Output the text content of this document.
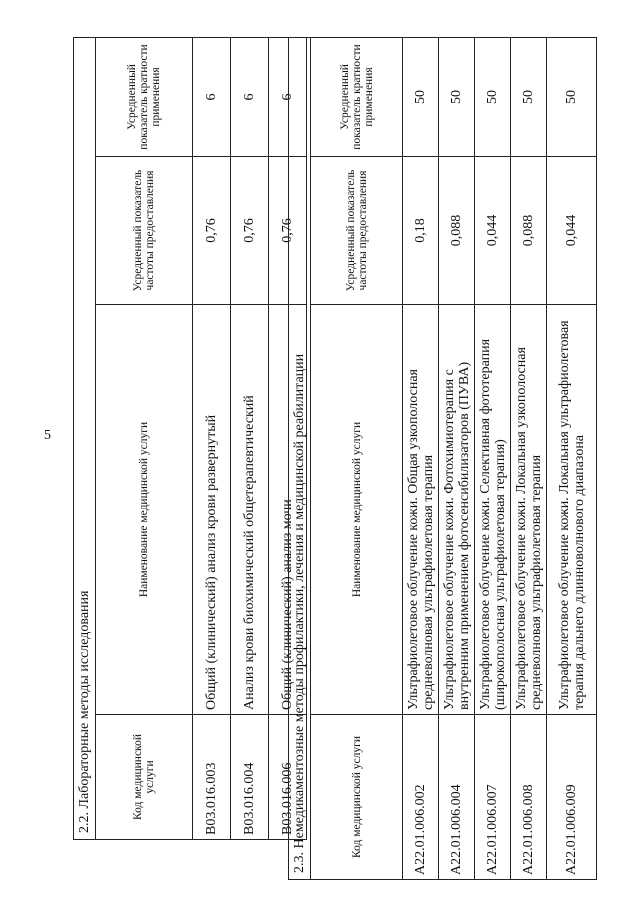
5
2.2. Лабораторные методы исследования			
Код медицинской услуги	Наименование медицинской услуги	Усредненный показатель частоты предоставления	Усредненный показатель кратности применения
B03.016.003	Общий (клинический) анализ крови развернутый	0,76	6
B03.016.004	Анализ крови биохимический общетерапевтический	0,76	6
B03.016.006	Общий (клинический) анализ мочи	0,76	6
2.3. Немедикаментозные методы профилактики, лечения и медицинской реабилитации			
Код медицинской услуги	Наименование медицинской услуги	Усредненный показатель частоты предоставления	Усредненный показатель кратности применения
A22.01.006.002	Ультрафиолетовое облучение кожи. Общая узкополосная средневолновая ультрафиолетовая терапия	0,18	50
A22.01.006.004	Ультрафиолетовое облучение кожи. Фотохимиотерапия с внутренним применением фотосенсибилизаторов (ПУВА)	0,088	50
A22.01.006.007	Ультрафиолетовое облучение кожи. Селективная фототерапия (широкополосная ультрафиолетовая терапия)	0,044	50
A22.01.006.008	Ультрафиолетовое облучение кожи. Локальная узкополосная средневолновая ультрафиолетовая терапия	0,088	50
A22.01.006.009	Ультрафиолетовое облучение кожи. Локальная ультрафиолетовая терапия дальнего длинноволнового диапазона	0,044	50
